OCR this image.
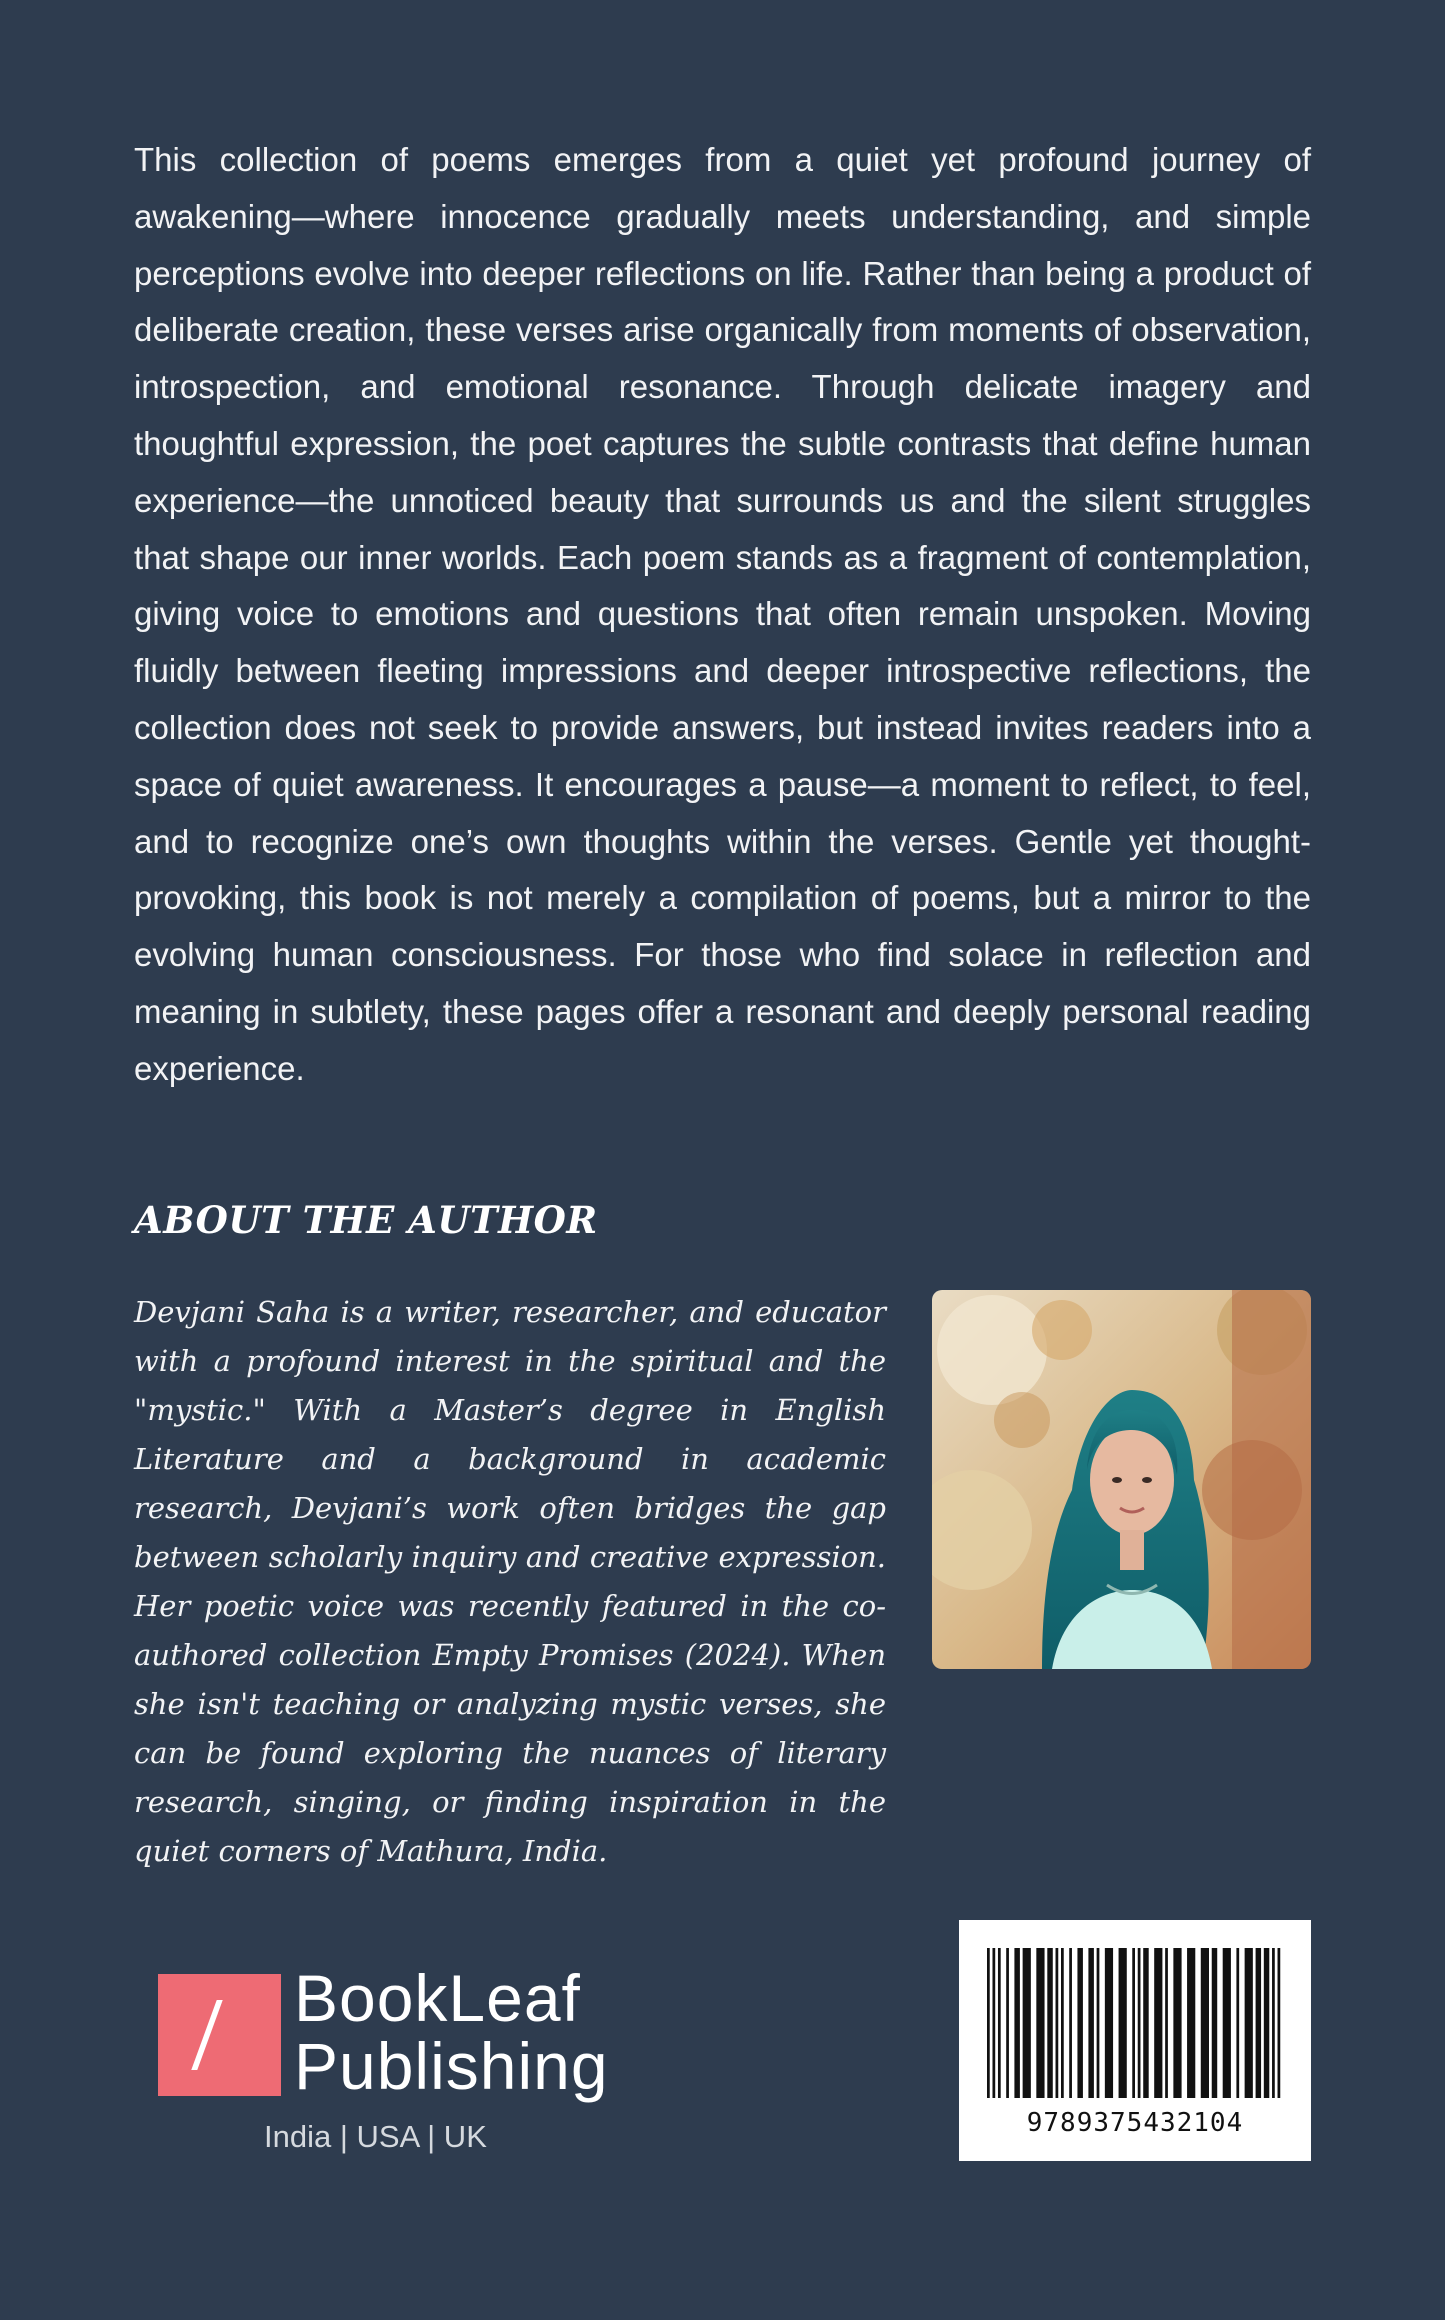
This collection of poems emerges from a quiet yet profound journey of awakening—where innocence gradually meets understanding, and simple perceptions evolve into deeper reflections on life. Rather than being a product of deliberate creation, these verses arise organically from moments of observation, introspection, and emotional resonance. Through delicate imagery and thoughtful expression, the poet captures the subtle contrasts that define human experience—the unnoticed beauty that surrounds us and the silent struggles that shape our inner worlds. Each poem stands as a fragment of contemplation, giving voice to emotions and questions that often remain unspoken. Moving fluidly between fleeting impressions and deeper introspective reflections, the collection does not seek to provide answers, but instead invites readers into a space of quiet awareness. It encourages a pause—a moment to reflect, to feel, and to recognize one’s own thoughts within the verses. Gentle yet thought-provoking, this book is not merely a compilation of poems, but a mirror to the evolving human consciousness. For those who find solace in reflection and meaning in subtlety, these pages offer a resonant and deeply personal reading experience.

ABOUT THE AUTHOR

Devjani Saha is a writer, researcher, and educator with a profound interest in the spiritual and the "mystic." With a Master’s degree in English Literature and a background in academic research, Devjani’s work often bridges the gap between scholarly inquiry and creative expression. Her poetic voice was recently featured in the co-authored collection Empty Promises (2024). When she isn't teaching or analyzing mystic verses, she can be found exploring the nuances of literary research, singing, or finding inspiration in the quiet corners of Mathura, India.

BookLeaf
Publishing
India | USA | UK	9789375432104
